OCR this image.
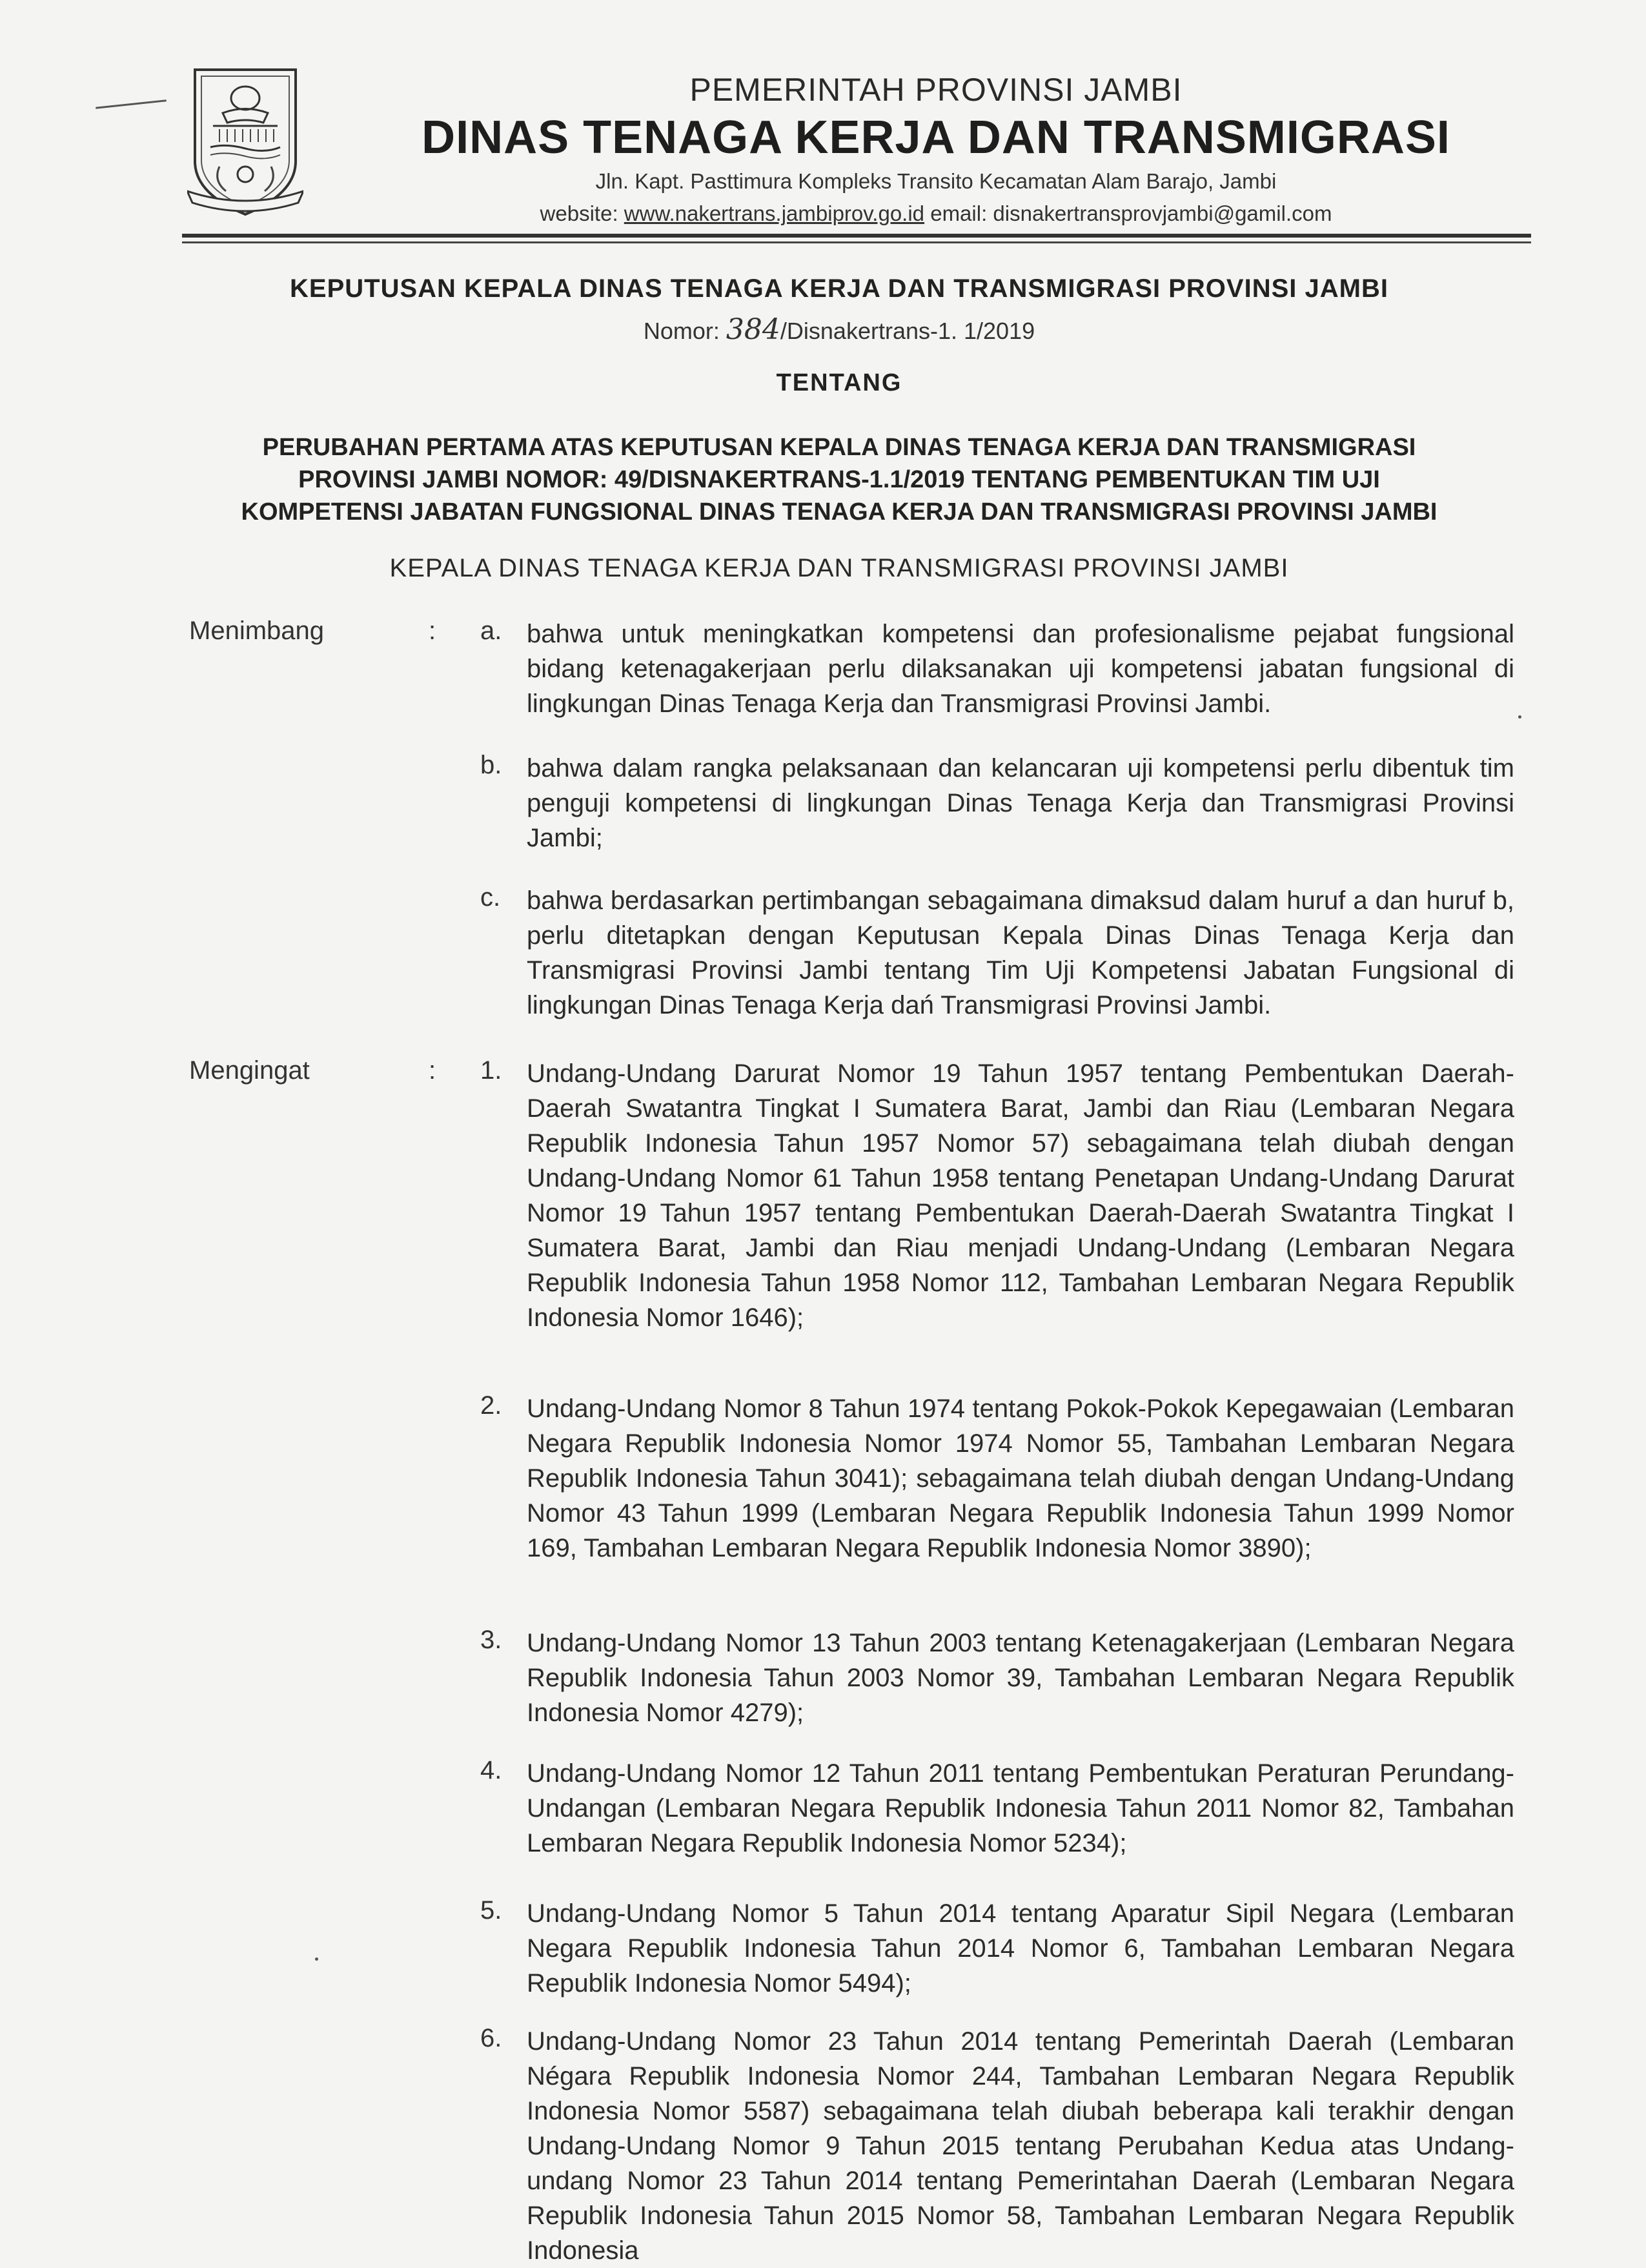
PEMERINTAH PROVINSI JAMBI
DINAS TENAGA KERJA DAN TRANSMIGRASI
Jln. Kapt. Pasttimura Kompleks Transito Kecamatan Alam Barajo, Jambi
website: www.nakertrans.jambiprov.go.id email: disnakertransprovjambi@gamil.com
KEPUTUSAN KEPALA DINAS TENAGA KERJA DAN TRANSMIGRASI PROVINSI JAMBI
Nomor: 384/Disnakertrans-1. 1/2019
TENTANG
PERUBAHAN PERTAMA ATAS KEPUTUSAN KEPALA DINAS TENAGA KERJA DAN TRANSMIGRASI
PROVINSI JAMBI NOMOR: 49/DISNAKERTRANS-1.1/2019 TENTANG PEMBENTUKAN TIM UJI
KOMPETENSI JABATAN FUNGSIONAL DINAS TENAGA KERJA DAN TRANSMIGRASI PROVINSI JAMBI
KEPALA DINAS TENAGA KERJA DAN TRANSMIGRASI PROVINSI JAMBI
Menimbang	: a. bahwa untuk meningkatkan kompetensi dan profesionalisme pejabat fungsional bidang ketenagakerjaan perlu dilaksanakan uji kompetensi jabatan fungsional di lingkungan Dinas Tenaga Kerja dan Transmigrasi Provinsi Jambi.
b. bahwa dalam rangka pelaksanaan dan kelancaran uji kompetensi perlu dibentuk tim penguji kompetensi di lingkungan Dinas Tenaga Kerja dan Transmigrasi Provinsi Jambi;
c. bahwa berdasarkan pertimbangan sebagaimana dimaksud dalam huruf a dan huruf b, perlu ditetapkan dengan Keputusan Kepala Dinas Dinas Tenaga Kerja dan Transmigrasi Provinsi Jambi tentang Tim Uji Kompetensi Jabatan Fungsional di lingkungan Dinas Tenaga Kerja dań Transmigrasi Provinsi Jambi.
Mengingat	: 1. Undang-Undang Darurat Nomor 19 Tahun 1957 tentang Pembentukan Daerah-Daerah Swatantra Tingkat I Sumatera Barat, Jambi dan Riau (Lembaran Negara Republik Indonesia Tahun 1957 Nomor 57) sebagaimana telah diubah dengan Undang-Undang Nomor 61 Tahun 1958 tentang Penetapan Undang-Undang Darurat Nomor 19 Tahun 1957 tentang Pembentukan Daerah-Daerah Swatantra Tingkat I Sumatera Barat, Jambi dan Riau menjadi Undang-Undang (Lembaran Negara Republik Indonesia Tahun 1958 Nomor 112, Tambahan Lembaran Negara Republik Indonesia Nomor 1646);
2. Undang-Undang Nomor 8 Tahun 1974 tentang Pokok-Pokok Kepegawaian (Lembaran Negara Republik Indonesia Nomor 1974 Nomor 55, Tambahan Lembaran Negara Republik Indonesia Tahun 3041); sebagaimana telah diubah dengan Undang-Undang Nomor 43 Tahun 1999 (Lembaran Negara Republik Indonesia Tahun 1999 Nomor 169, Tambahan Lembaran Negara Republik Indonesia Nomor 3890);
3. Undang-Undang Nomor 13 Tahun 2003 tentang Ketenagakerjaan (Lembaran Negara Republik Indonesia Tahun 2003 Nomor 39, Tambahan Lembaran Negara Republik Indonesia Nomor 4279);
4. Undang-Undang Nomor 12 Tahun 2011 tentang Pembentukan Peraturan Perundang-Undangan (Lembaran Negara Republik Indonesia Tahun 2011 Nomor 82, Tambahan Lembaran Negara Republik Indonesia Nomor 5234);
5. Undang-Undang Nomor 5 Tahun 2014 tentang Aparatur Sipil Negara (Lembaran Negara Republik Indonesia Tahun 2014 Nomor 6, Tambahan Lembaran Negara Republik Indonesia Nomor 5494);
6. Undang-Undang Nomor 23 Tahun 2014 tentang Pemerintah Daerah (Lembaran Négara Republik Indonesia Nomor 244, Tambahan Lembaran Negara Republik Indonesia Nomor 5587) sebagaimana telah diubah beberapa kali terakhir dengan Undang-Undang Nomor 9 Tahun 2015 tentang Perubahan Kedua atas Undang-undang Nomor 23 Tahun 2014 tentang Pemerintahan Daerah (Lembaran Negara Republik Indonesia Tahun 2015 Nomor 58, Tambahan Lembaran Negara Republik Indonesia
